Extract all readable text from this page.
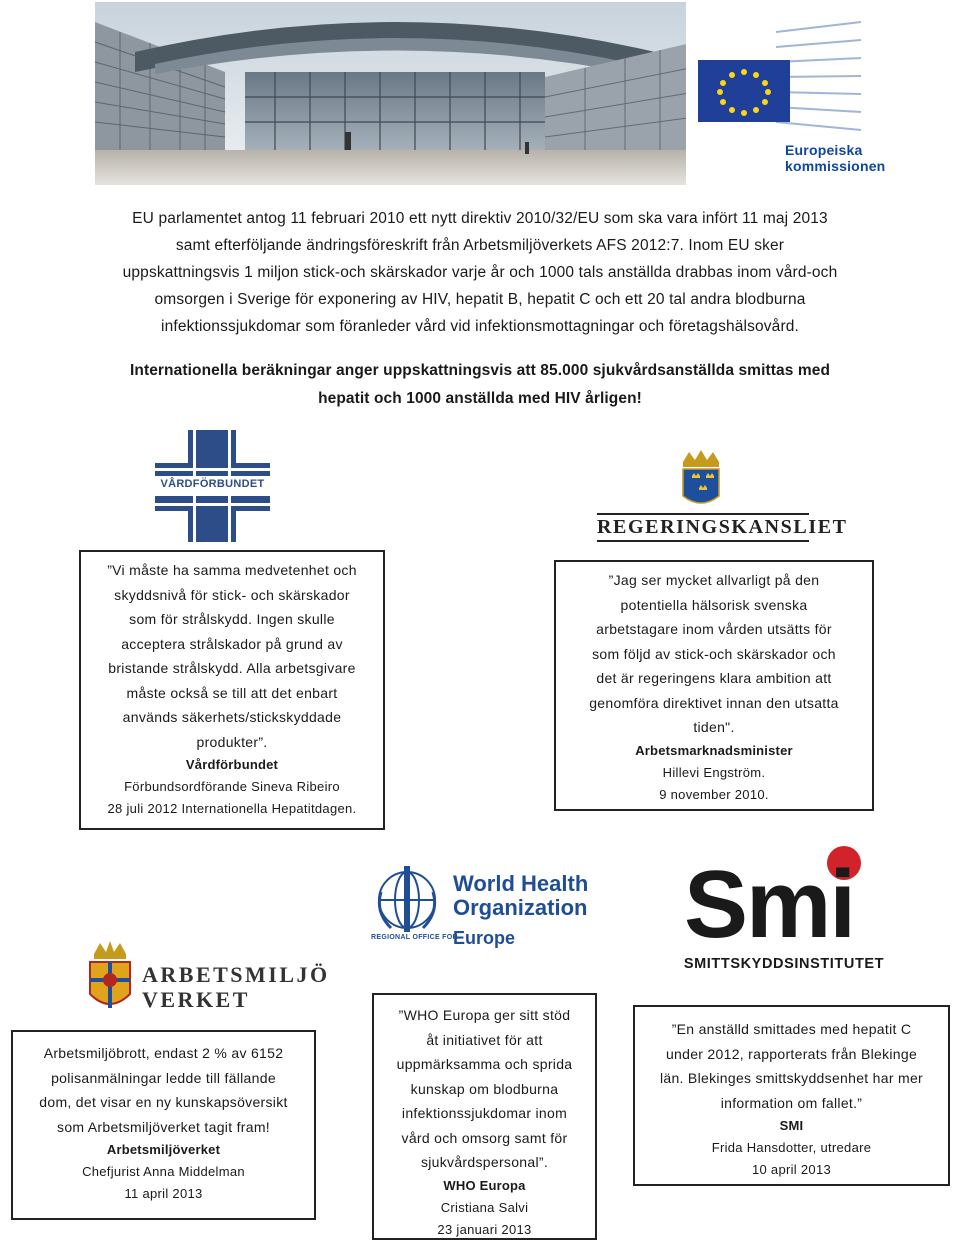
Europeiska
kommissionen

EU parlamentet antog 11 februari 2010 ett nytt direktiv 2010/32/EU som ska vara infört 11 maj 2013

samt efterföljande ändringsföreskrift från Arbetsmiljöverkets AFS 2012:7. Inom EU sker

uppskattningsvis 1 miljon stick-och skärskador varje år och 1000 tals anställda drabbas inom vård-och

omsorgen i Sverige för exponering av HIV, hepatit B, hepatit C och ett 20 tal andra blodburna

infektionssjukdomar som föranleder vård vid infektionsmottagningar och företagshälsovård.

Internationella beräkningar anger uppskattningsvis att 85.000 sjukvårdsanställda smittas med
hepatit och 1000 anställda med HIV årligen!
VÅRDFÖRBUNDET
REGERINGSKANSLIET
”Vi måste ha samma medvetenhet och
skyddsnivå för stick- och skärskador
som för strålskydd. Ingen skulle
acceptera strålskador på grund av
bristande strålskydd. Alla arbetsgivare
måste också se till att det enbart
används säkerhets/stickskyddade
produkter”.
Vårdförbundet
Förbundsordförande Sineva Ribeiro
28 juli 2012 Internationella Hepatitdagen.
”Jag ser mycket allvarligt på den
potentiella hälsorisk svenska
arbetstagare inom vården utsätts för
som följd av stick-och skärskador och
det är regeringens klara ambition att
genomföra direktivet innan den utsatta
tiden".
Arbetsmarknadsminister
Hillevi Engström.
9 november 2010.
World Health
Organization
REGIONAL OFFICE FOR
Europe Smi
SMITTSKYDDSINSTITUTET
ARBETSMILJÖ
VERKET
Arbetsmiljöbrott, endast 2 % av 6152
polisanmälningar ledde till fällande
dom, det visar en ny kunskapsöversikt
som Arbetsmiljöverket tagit fram!
Arbetsmiljöverket
Chefjurist Anna Middelman
11 april 2013
”WHO Europa ger sitt stöd
åt initiativet för att
uppmärksamma och sprida
kunskap om blodburna
infektionssjukdomar inom
vård och omsorg samt för
sjukvårdspersonal”.
WHO Europa
Cristiana Salvi
23 januari 2013
”En anställd smittades med hepatit C
under 2012, rapporterats från Blekinge
län. Blekinges smittskyddsenhet har mer
information om fallet.”
SMI
Frida Hansdotter, utredare
10 april 2013
